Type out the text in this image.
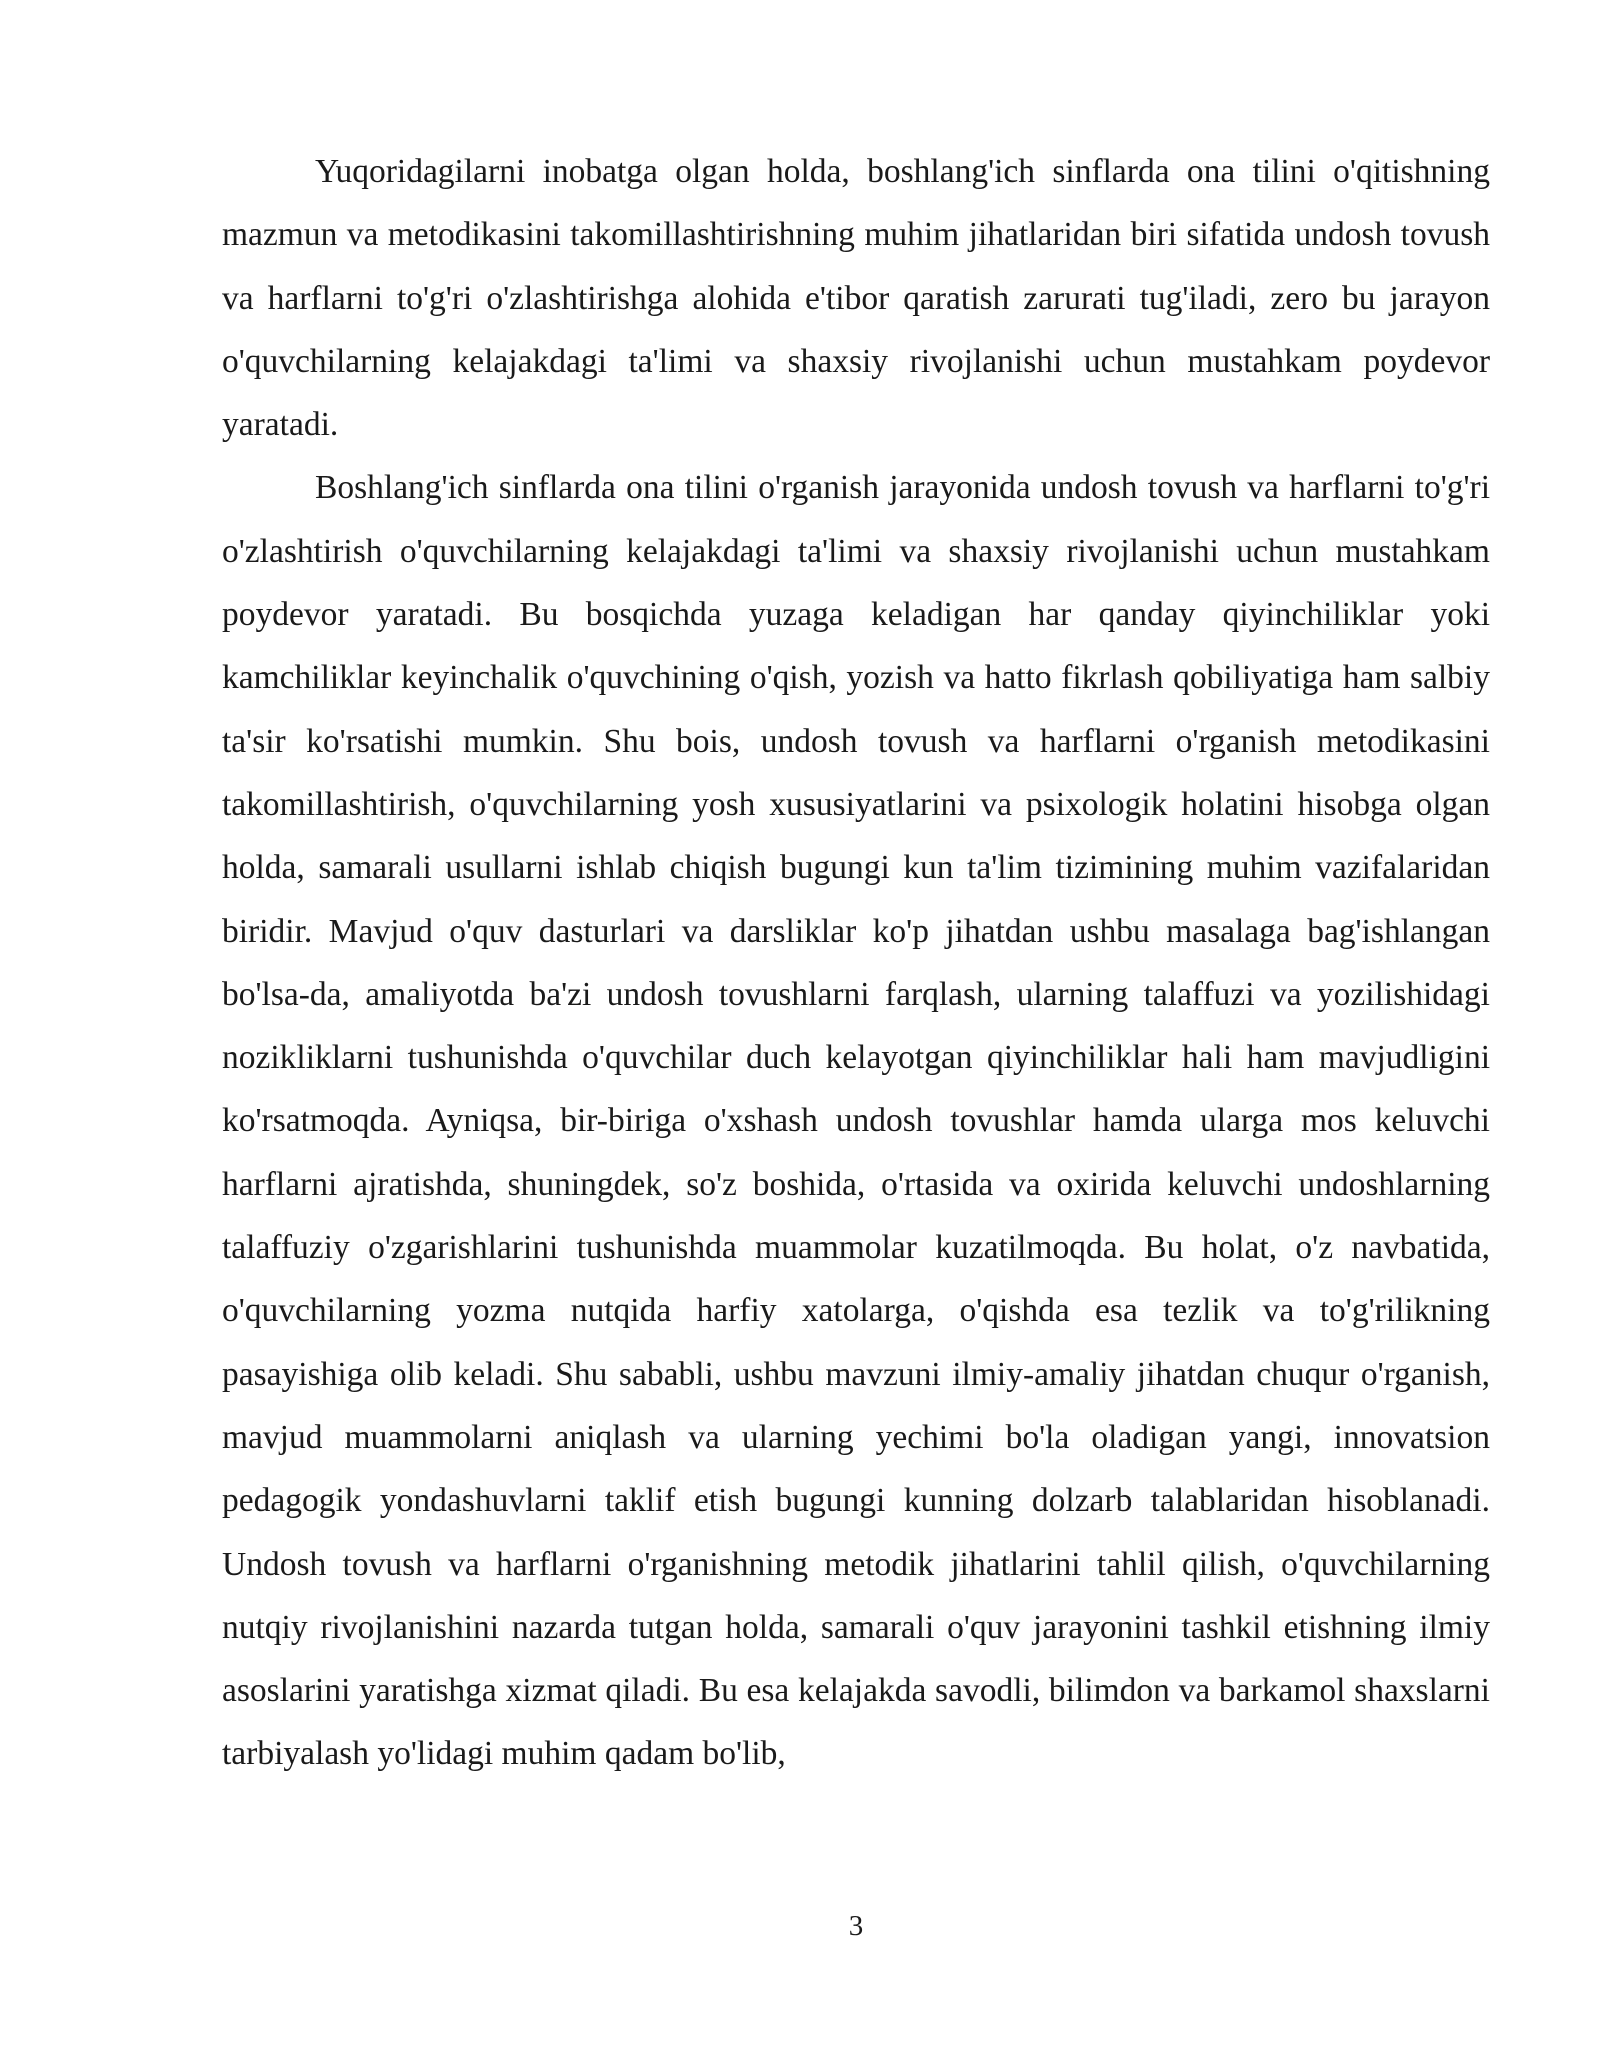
Yuqoridagilarni inobatga olgan holda, boshlang'ich sinflarda ona tilini o'qitishning mazmun va metodikasini takomillashtirishning muhim jihatlaridan biri sifatida undosh tovush va harflarni to'g'ri o'zlashtirishga alohida e'tibor qaratish zarurati tug'iladi, zero bu jarayon o'quvchilarning kelajakdagi ta'limi va shaxsiy rivojlanishi uchun mustahkam poydevor yaratadi.

Boshlang'ich sinflarda ona tilini o'rganish jarayonida undosh tovush va harflarni to'g'ri o'zlashtirish o'quvchilarning kelajakdagi ta'limi va shaxsiy rivojlanishi uchun mustahkam poydevor yaratadi. Bu bosqichda yuzaga keladigan har qanday qiyinchiliklar yoki kamchiliklar keyinchalik o'quvchining o'qish, yozish va hatto fikrlash qobiliyatiga ham salbiy ta'sir ko'rsatishi mumkin. Shu bois, undosh tovush va harflarni o'rganish metodikasini takomillashtirish, o'quvchilarning yosh xususiyatlarini va psixologik holatini hisobga olgan holda, samarali usullarni ishlab chiqish bugungi kun ta'lim tizimining muhim vazifalaridan biridir. Mavjud o'quv dasturlari va darsliklar ko'p jihatdan ushbu masalaga bag'ishlangan bo'lsa-da, amaliyotda ba'zi undosh tovushlarni farqlash, ularning talaffuzi va yozilishidagi nozikliklarni tushunishda o'quvchilar duch kelayotgan qiyinchiliklar hali ham mavjudligini ko'rsatmoqda. Ayniqsa, bir-biriga o'xshash undosh tovushlar hamda ularga mos keluvchi harflarni ajratishda, shuningdek, so'z boshida, o'rtasida va oxirida keluvchi undoshlarning talaffuziy o'zgarishlarini tushunishda muammolar kuzatilmoqda. Bu holat, o'z navbatida, o'quvchilarning yozma nutqida harfiy xatolarga, o'qishda esa tezlik va to'g'rilikning pasayishiga olib keladi. Shu sababli, ushbu mavzuni ilmiy-amaliy jihatdan chuqur o'rganish, mavjud muammolarni aniqlash va ularning yechimi bo'la oladigan yangi, innovatsion pedagogik yondashuvlarni taklif etish bugungi kunning dolzarb talablaridan hisoblanadi. Undosh tovush va harflarni o'rganishning metodik jihatlarini tahlil qilish, o'quvchilarning nutqiy rivojlanishini nazarda tutgan holda, samarali o'quv jarayonini tashkil etishning ilmiy asoslarini yaratishga xizmat qiladi. Bu esa kelajakda savodli, bilimdon va barkamol shaxslarni tarbiyalash yo'lidagi muhim qadam bo'lib,

3
